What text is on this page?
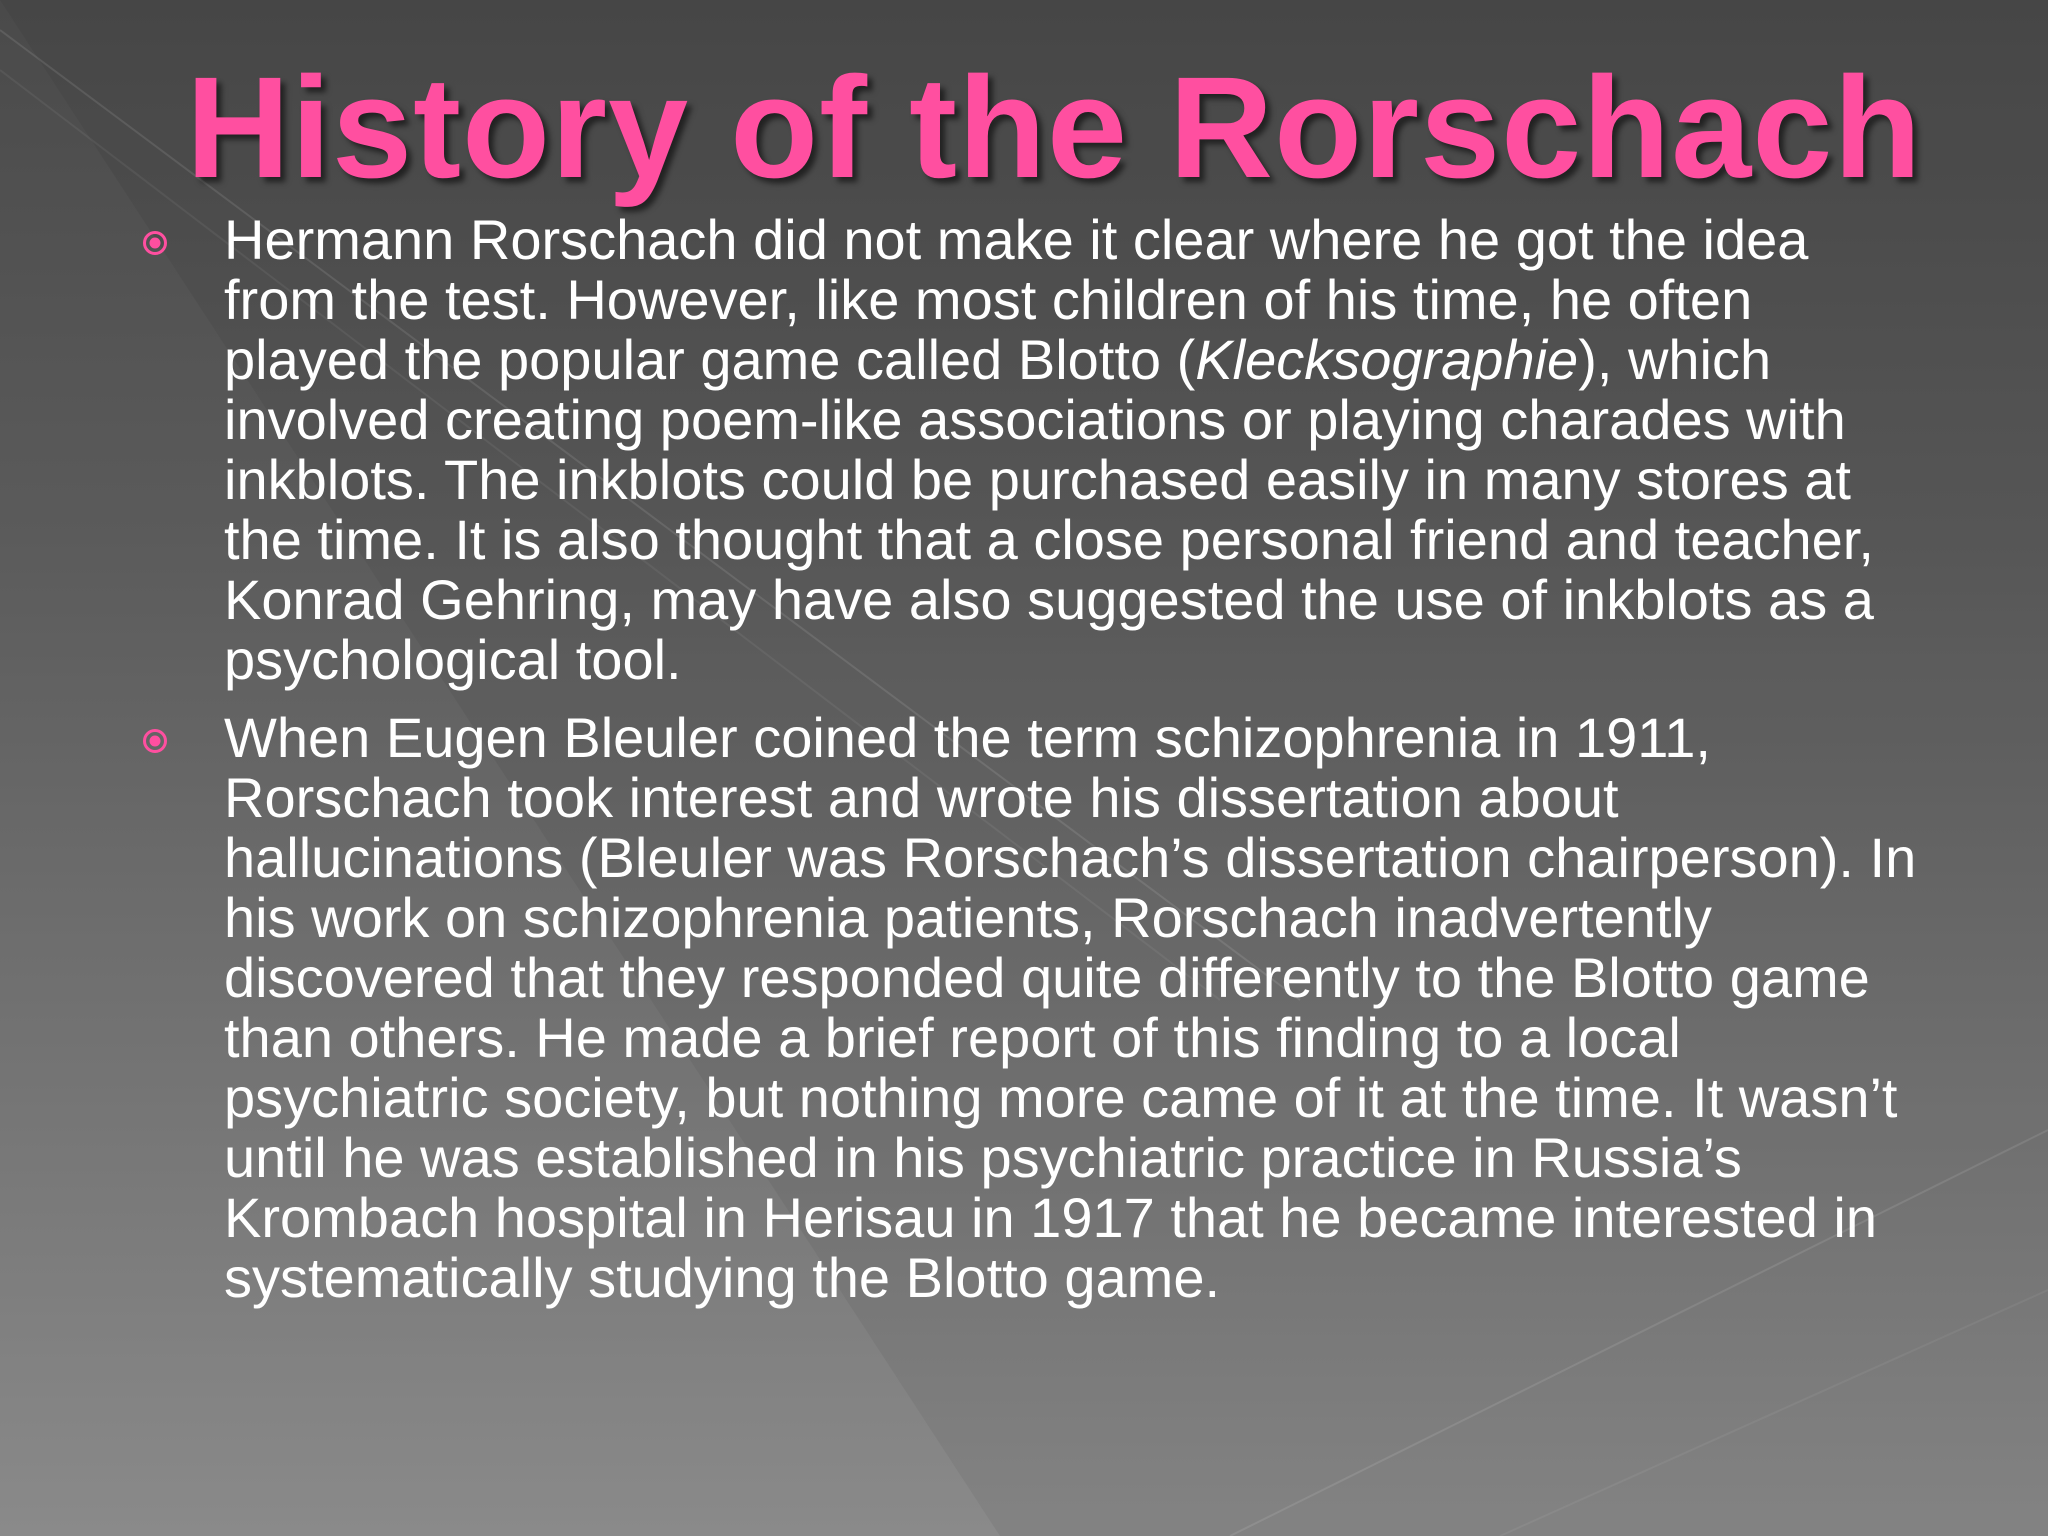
History of the Rorschach
Hermann Rorschach did not make it clear where he got the idea from the test. However, like most children of his time, he often played the popular game called Blotto (Klecksographie), which involved creating poem-like associations or playing charades with inkblots. The inkblots could be purchased easily in many stores at the time. It is also thought that a close personal friend and teacher, Konrad Gehring, may have also suggested the use of inkblots as a psychological tool.
When Eugen Bleuler coined the term schizophrenia in 1911, Rorschach took interest and wrote his dissertation about hallucinations (Bleuler was Rorschach’s dissertation chairperson). In his work on schizophrenia patients, Rorschach inadvertently discovered that they responded quite differently to the Blotto game than others. He made a brief report of this finding to a local psychiatric society, but nothing more came of it at the time. It wasn’t until he was established in his psychiatric practice in Russia’s Krombach hospital in Herisau in 1917 that he became interested in systematically studying the Blotto game.
